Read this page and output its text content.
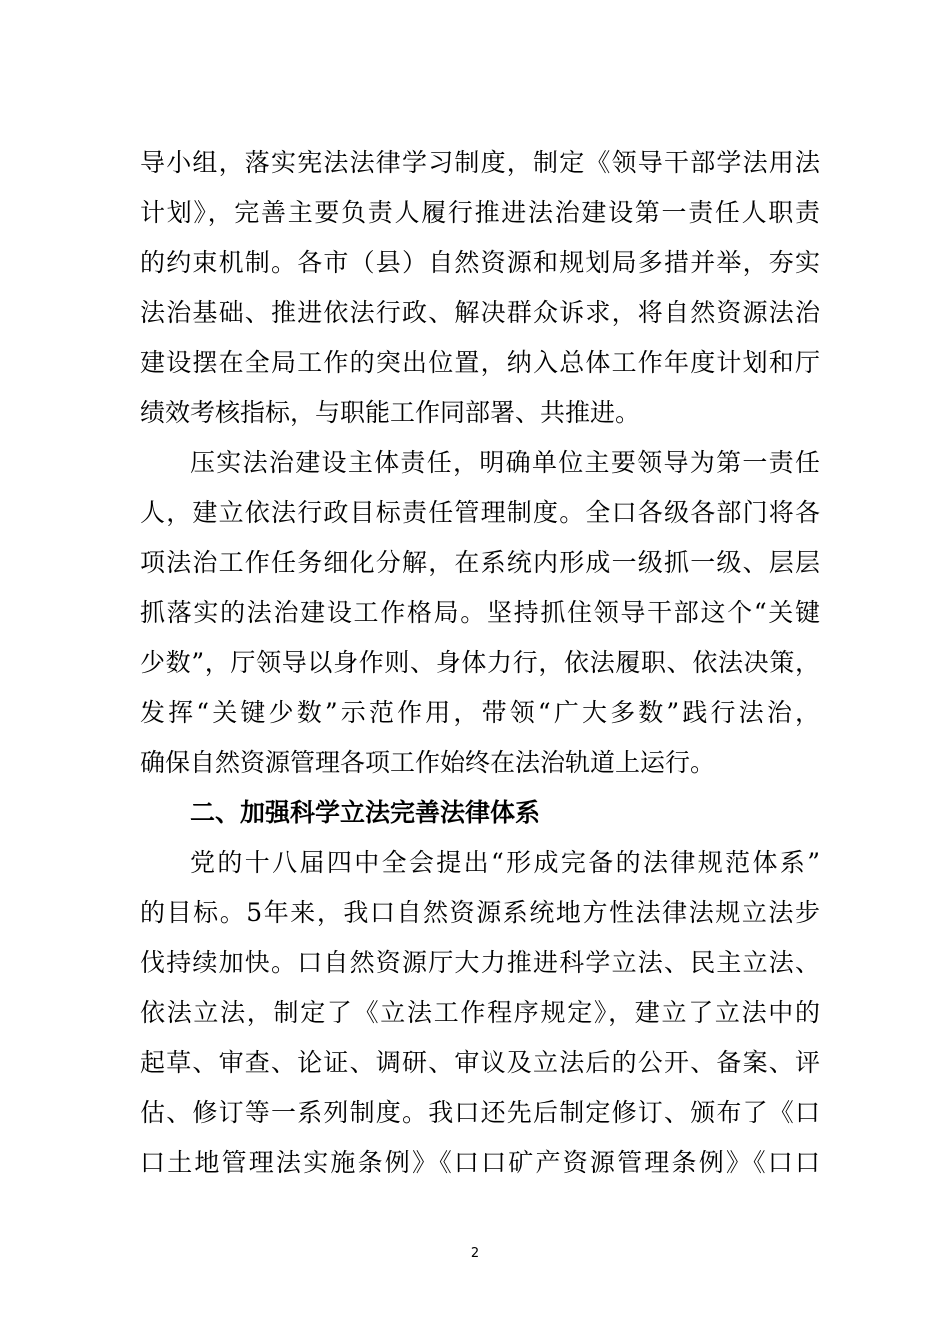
导小组，落实宪法法律学习制度，制定《领导干部学法用法
计划》，完善主要负责人履行推进法治建设第一责任人职责
的约束机制。各市（县）自然资源和规划局多措并举，夯实
法治基础、推进依法行政、解决群众诉求，将自然资源法治
建设摆在全局工作的突出位置，纳入总体工作年度计划和厅
绩效考核指标，与职能工作同部署、共推进。
压实法治建设主体责任，明确单位主要领导为第一责任
人，建立依法行政目标责任管理制度。全口各级各部门将各
项法治工作任务细化分解，在系统内形成一级抓一级、层层
抓落实的法治建设工作格局。坚持抓住领导干部这个“关键
少数”，厅领导以身作则、身体力行，依法履职、依法决策，
发挥“关键少数”示范作用，带领“广大多数”践行法治，
确保自然资源管理各项工作始终在法治轨道上运行。
二、加强科学立法完善法律体系
党的十八届四中全会提出“形成完备的法律规范体系”
的目标。5年来，我口自然资源系统地方性法律法规立法步
伐持续加快。口自然资源厅大力推进科学立法、民主立法、
依法立法，制定了《立法工作程序规定》，建立了立法中的
起草、审查、论证、调研、审议及立法后的公开、备案、评
估、修订等一系列制度。我口还先后制定修订、颁布了《口
口土地管理法实施条例》《口口矿产资源管理条例》《口口
2
